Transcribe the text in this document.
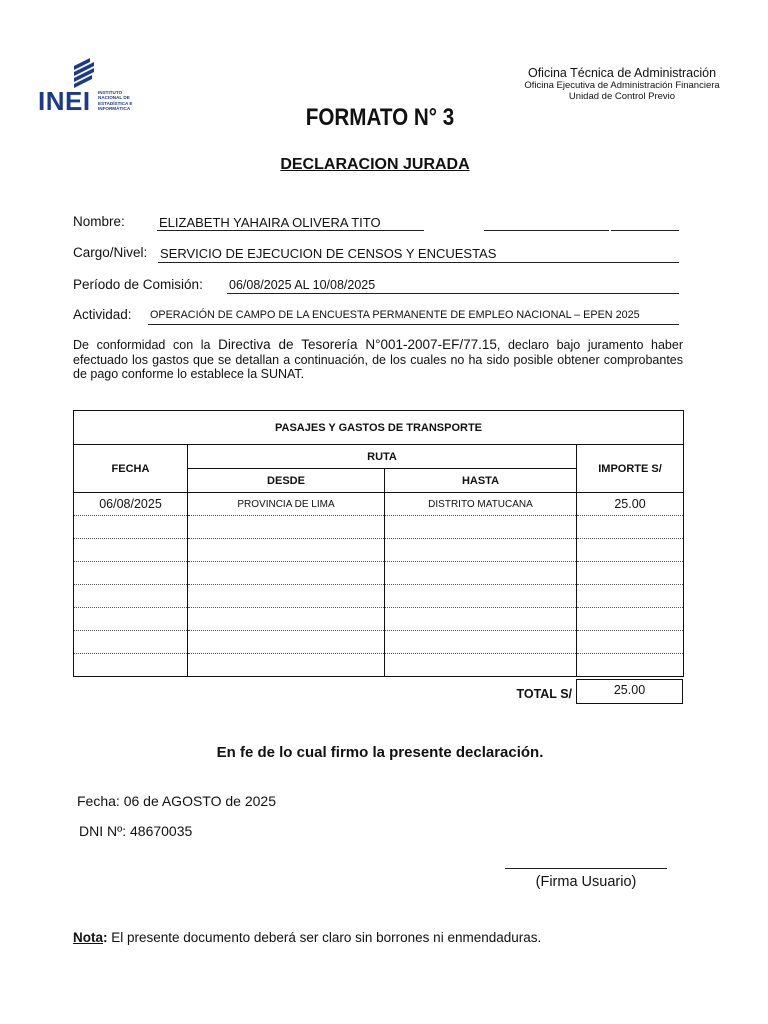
INEI INSTITUTO
NACIONAL DE
ESTADÍSTICA E
INFORMÁTICA
Oficina Técnica de Administración
Oficina Ejecutiva de Administración Financiera
Unidad de Control Previo
FORMATO N° 3
DECLARACION JURADA
Nombre:	ELIZABETH YAHAIRA OLIVERA TITO
Cargo/Nivel: SERVICIO DE EJECUCION DE CENSOS Y ENCUESTAS
Período de Comisión: 06/08/2025 AL 10/08/2025
Actividad: OPERACIÓN DE CAMPO DE LA ENCUESTA PERMANENTE DE EMPLEO NACIONAL – EPEN 2025
De conformidad con la Directiva de Tesorería N°001-2007-EF/77.15, declaro bajo juramento haber efectuado los gastos que se detallan a continuación, de los cuales no ha sido posible obtener comprobantes de pago conforme lo establece la SUNAT.
PASAJES Y GASTOS DE TRANSPORTE			
FECHA	RUTA		IMPORTE S/
	DESDE	HASTA	
06/08/2025	PROVINCIA DE LIMA	DISTRITO MATUCANA	25.00

TOTAL S/	25.00
En fe de lo cual firmo la presente declaración.
Fecha: 06 de AGOSTO de 2025
DNI Nº: 48670035
(Firma Usuario)
Nota: El presente documento deberá ser claro sin borrones ni enmendaduras.
